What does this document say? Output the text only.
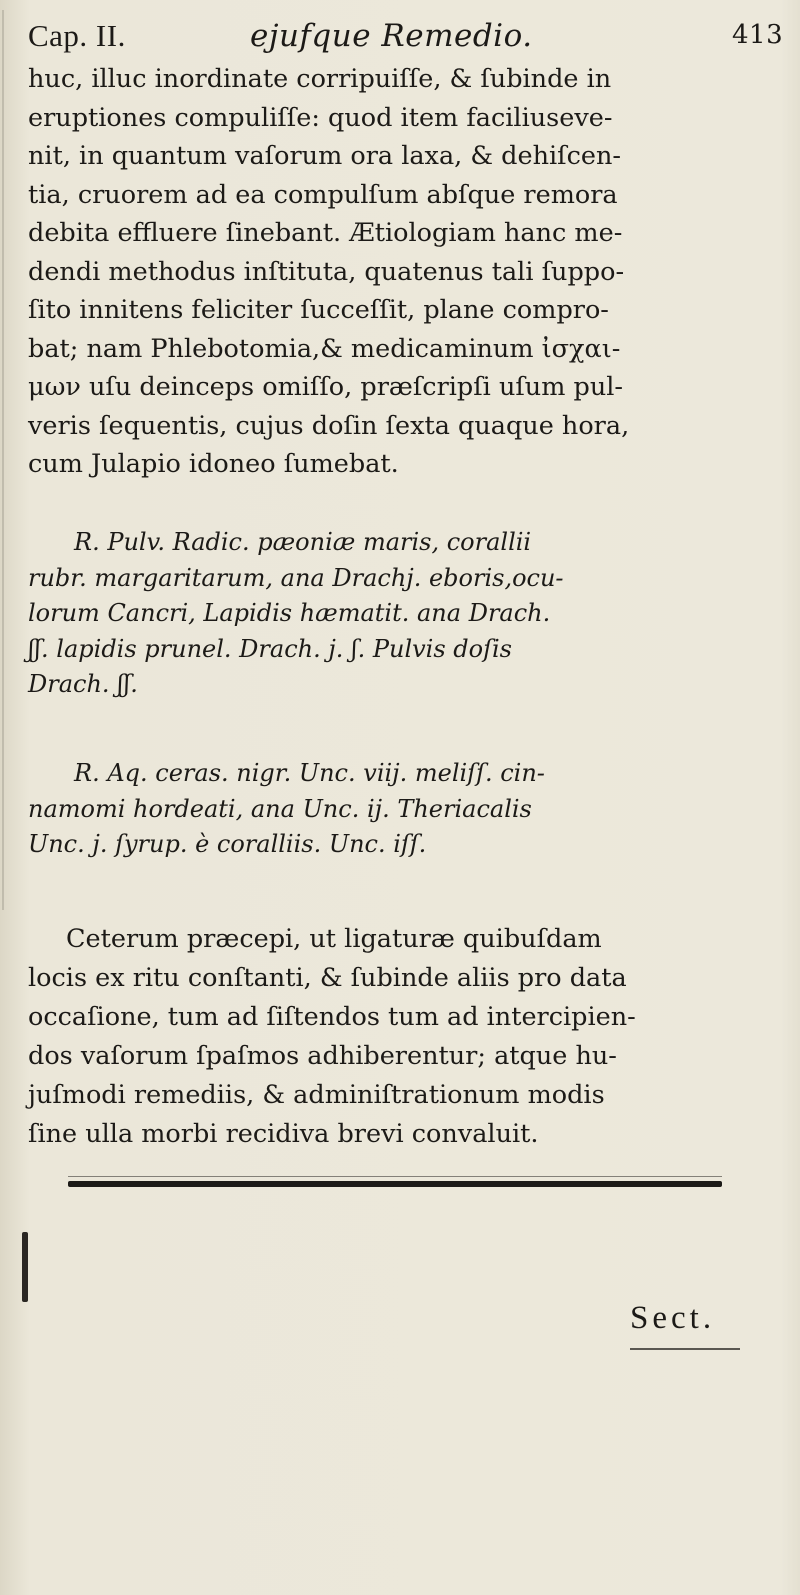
Cap. II.	ejufque Remedio.	413
huc, illuc inordinate corripuiſſe, & ſubinde in
eruptiones compuliſſe: quod item faciliuseve-
nit, in quantum vaſorum ora laxa, & dehiſcen-
tia, cruorem ad ea compulſum abſque remora
debita effluere ſinebant. Ætiologiam hanc me-
dendi methodus inſtituta, quatenus tali ſuppo-
ſito innitens feliciter ſucceſſit, plane compro-
bat; nam Phlebotomia,& medicaminum ἰσχαι-
μων uſu deinceps omiſſo, præſcripſi uſum pul-
veris ſequentis, cujus doſin ſexta quaque hora,
cum Julapio idoneo ſumebat.
R. Pulv. Radic. pæoniæ maris, corallii
rubr. margaritarum, ana Drachj. eboris,ocu-
lorum Cancri, Lapidis hæmatit. ana Drach.
ʃʃ. lapidis prunel. Drach. j. ʃ. Pulvis doſis
Drach. ʃʃ.
R. Aq. ceras. nigr. Unc. viij. meliſſ. cin-
namomi hordeati, ana Unc. ij. Theriacalis
Unc. j. ſyrup. è coralliis. Unc. iſſ.
Ceterum præcepi, ut ligaturæ quibuſdam
locis ex ritu conſtanti, & ſubinde aliis pro data
occaſione, tum ad ſiſtendos tum ad intercipien-
dos vaſorum ſpaſmos adhiberentur; atque hu-
juſmodi remediis, & adminiſtrationum modis
ſine ulla morbi recidiva brevi convaluit.
Sect.
